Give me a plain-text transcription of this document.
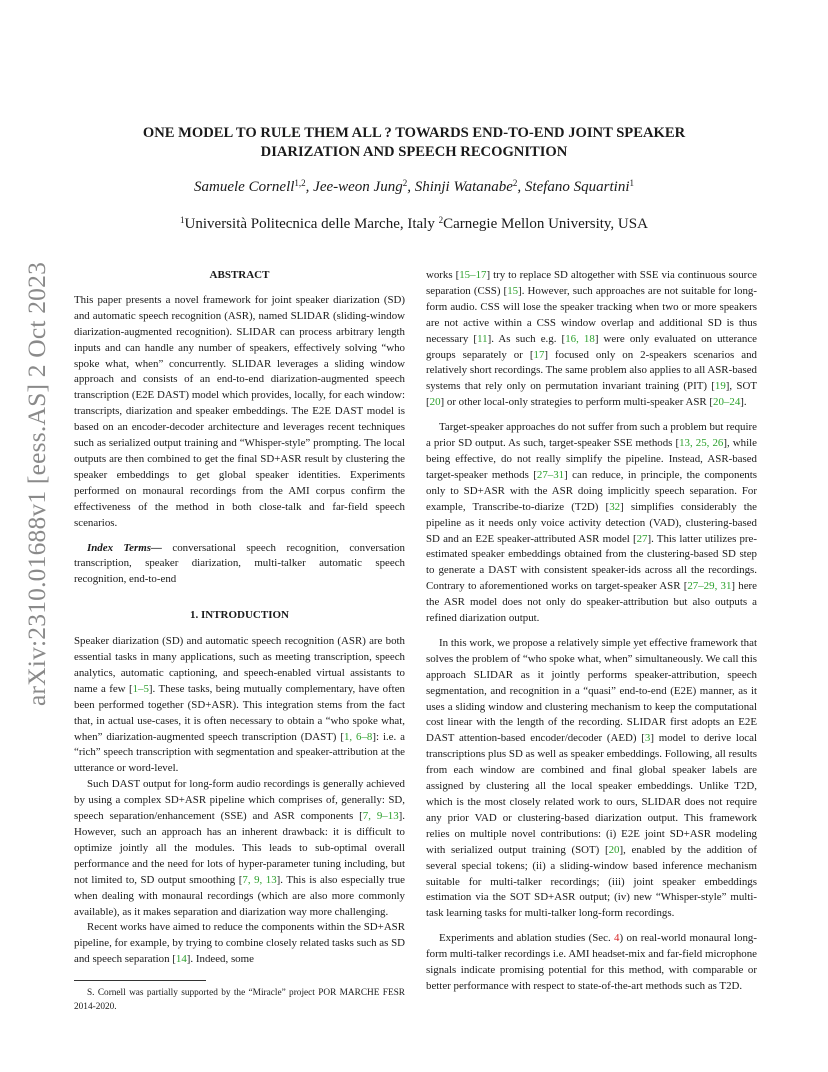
arXiv:2310.01688v1 [eess.AS] 2 Oct 2023
ONE MODEL TO RULE THEM ALL ? TOWARDS END-TO-END JOINT SPEAKER
DIARIZATION AND SPEECH RECOGNITION
Samuele Cornell$^{1,2}$, Jee-weon Jung$^2$, Shinji Watanabe$^2$, Stefano Squartini$^1$
$^1$Università Politecnica delle Marche, Italy $^2$Carnegie Mellon University, USA
ABSTRACT

This paper presents a novel framework for joint speaker diarization (SD) and automatic speech recognition (ASR), named SLIDAR (sliding-window diarization-augmented recognition). SLIDAR can process arbitrary length inputs and can handle any number of speakers, effectively solving “who spoke what, when” concurrently. SLIDAR leverages a sliding window approach and consists of an end-to-end diarization-augmented speech transcription (E2E DAST) model which provides, locally, for each window: transcripts, diarization and speaker embeddings. The E2E DAST model is based on an encoder-decoder architecture and leverages recent techniques such as serialized output training and “Whisper-style” prompting. The local outputs are then combined to get the final SD+ASR result by clustering the speaker embeddings to get global speaker identities. Experiments performed on monaural recordings from the AMI corpus confirm the effectiveness of the method in both close-talk and far-field speech scenarios.

Index Terms— conversational speech recognition, conversation transcription, speaker diarization, multi-talker automatic speech recognition, end-to-end

1. INTRODUCTION

Speaker diarization (SD) and automatic speech recognition (ASR) are both essential tasks in many applications, such as meeting transcription, speech analytics, automatic captioning, and speech-enabled virtual assistants to name a few [1–5]. These tasks, being mutually complementary, have often been performed together (SD+ASR). This integration stems from the fact that, in actual use-cases, it is often necessary to obtain a “who spoke what, when” diarization-augmented speech transcription (DAST) [1, 6–8]: i.e. a “rich” speech transcription with segmentation and speaker-attribution at the utterance or word-level.

Such DAST output for long-form audio recordings is generally achieved by using a complex SD+ASR pipeline which comprises of, generally: SD, speech separation/enhancement (SSE) and ASR components [7, 9–13]. However, such an approach has an inherent drawback: it is difficult to optimize jointly all the modules. This leads to sub-optimal overall performance and the need for lots of hyper-parameter tuning including, but not limited to, SD output smoothing [7, 9, 13]. This is also especially true when dealing with monaural recordings (which are also more commonly available), as it makes separation and diarization way more challenging.

Recent works have aimed to reduce the components within the SD+ASR pipeline, for example, by trying to combine closely related tasks such as SD and speech separation [14]. Indeed, some

S. Cornell was partially supported by the “Miracle” project POR MARCHE FESR 2014-2020.

works [15–17] try to replace SD altogether with SSE via continuous source separation (CSS) [15]. However, such approaches are not suitable for long-form audio. CSS will lose the speaker tracking when two or more speakers are not active within a CSS window overlap and additional SD is thus necessary [11]. As such e.g. [16, 18] were only evaluated on utterance groups separately or [17] focused only on 2-speakers scenarios and relatively short recordings. The same problem also applies to all ASR-based systems that rely only on permutation invariant training (PIT) [19], SOT [20] or other local-only strategies to perform multi-speaker ASR [20–24].

Target-speaker approaches do not suffer from such a problem but require a prior SD output. As such, target-speaker SSE methods [13, 25, 26], while being effective, do not really simplify the pipeline. Instead, ASR-based target-speaker methods [27–31] can reduce, in principle, the components only to SD+ASR with the ASR doing implicitly speech separation. For example, Transcribe-to-diarize (T2D) [32] simplifies considerably the pipeline as it needs only voice activity detection (VAD), clustering-based SD and an E2E speaker-attributed ASR model [27]. This latter utilizes pre-estimated speaker embeddings obtained from the clustering-based SD step to generate a DAST with consistent speaker-ids across all the recordings. Contrary to aforementioned works on target-speaker ASR [27–29, 31] here the ASR model does not only do speaker-attribution but also outputs a refined diarization output.

In this work, we propose a relatively simple yet effective framework that solves the problem of “who spoke what, when” simultaneously. We call this approach SLIDAR as it jointly performs speaker-attribution, speech segmentation, and recognition in a “quasi” end-to-end (E2E) manner, as it uses a sliding window and clustering mechanism to keep the computational cost linear with the length of the recording. SLIDAR first adopts an E2E DAST attention-based encoder/decoder (AED) [3] model to derive local transcriptions plus SD as well as speaker embeddings. Following, all results from each window are combined and final global speaker labels are assigned by clustering all the local speaker embeddings. Unlike T2D, which is the most closely related work to ours, SLIDAR does not require any prior VAD or clustering-based diarization output. This framework relies on multiple novel contributions: (i) E2E joint SD+ASR modeling with serialized output training (SOT) [20], enabled by the addition of several special tokens; (ii) a sliding-window based inference mechanism suitable for multi-talker recordings; (iii) joint speaker embeddings estimation via the SOT SD+ASR output; (iv) new “Whisper-style” multi-task learning tasks for multi-talker long-form recordings.

Experiments and ablation studies (Sec. 4) on real-world monaural long-form multi-talker recordings i.e. AMI headset-mix and far-field microphone signals indicate promising potential for this method, with comparable or better performance with respect to state-of-the-art methods such as T2D.
